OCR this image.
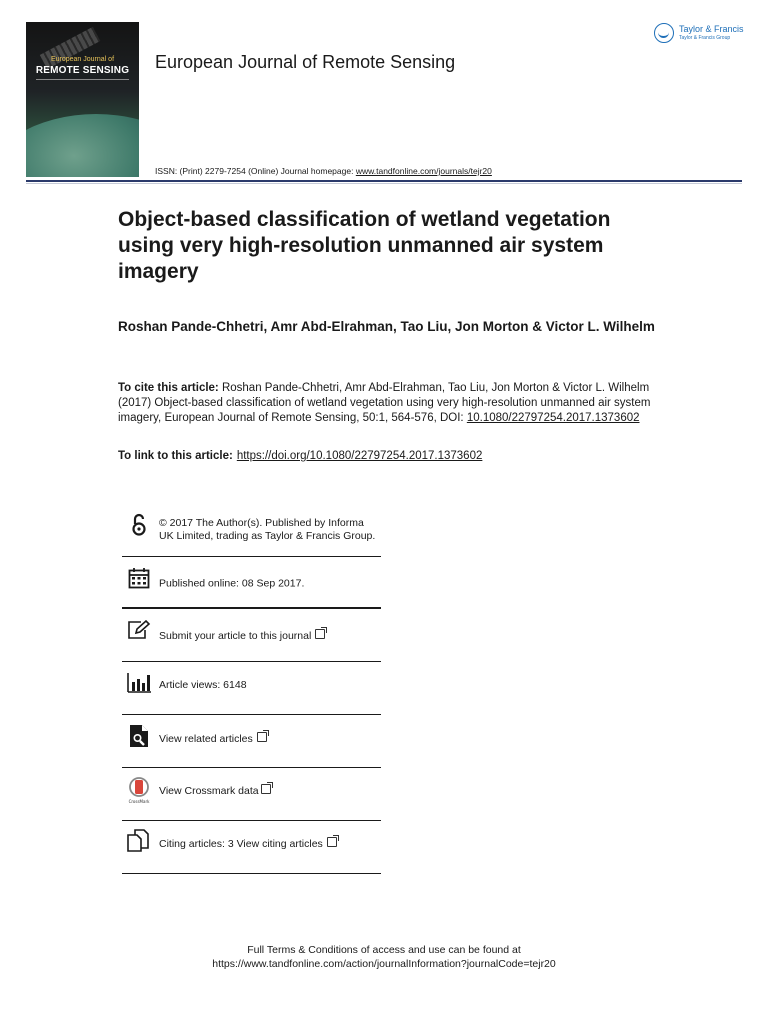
European Journal of
REMOTE SENSING	European Journal of Remote Sensing
Taylor & Francis
Taylor & Francis Group
ISSN: (Print) 2279-7254 (Online) Journal homepage: www.tandfonline.com/journals/tejr20
Object-based classification of wetland vegetation using very high-resolution unmanned air system imagery
Roshan Pande-Chhetri, Amr Abd-Elrahman, Tao Liu, Jon Morton & Victor L. Wilhelm
To cite this article: Roshan Pande-Chhetri, Amr Abd-Elrahman, Tao Liu, Jon Morton & Victor L. Wilhelm (2017) Object-based classification of wetland vegetation using very high-resolution unmanned air system imagery, European Journal of Remote Sensing, 50:1, 564-576, DOI: 10.1080/22797254.2017.1373602
To link to this article: https://doi.org/10.1080/22797254.2017.1373602
© 2017 The Author(s). Published by Informa UK Limited, trading as Taylor & Francis Group.
Published online: 08 Sep 2017.
Submit your article to this journal
Article views: 6148
View related articles
CrossMark
View Crossmark data
Citing articles: 3 View citing articles
Full Terms & Conditions of access and use can be found at
https://www.tandfonline.com/action/journalInformation?journalCode=tejr20
